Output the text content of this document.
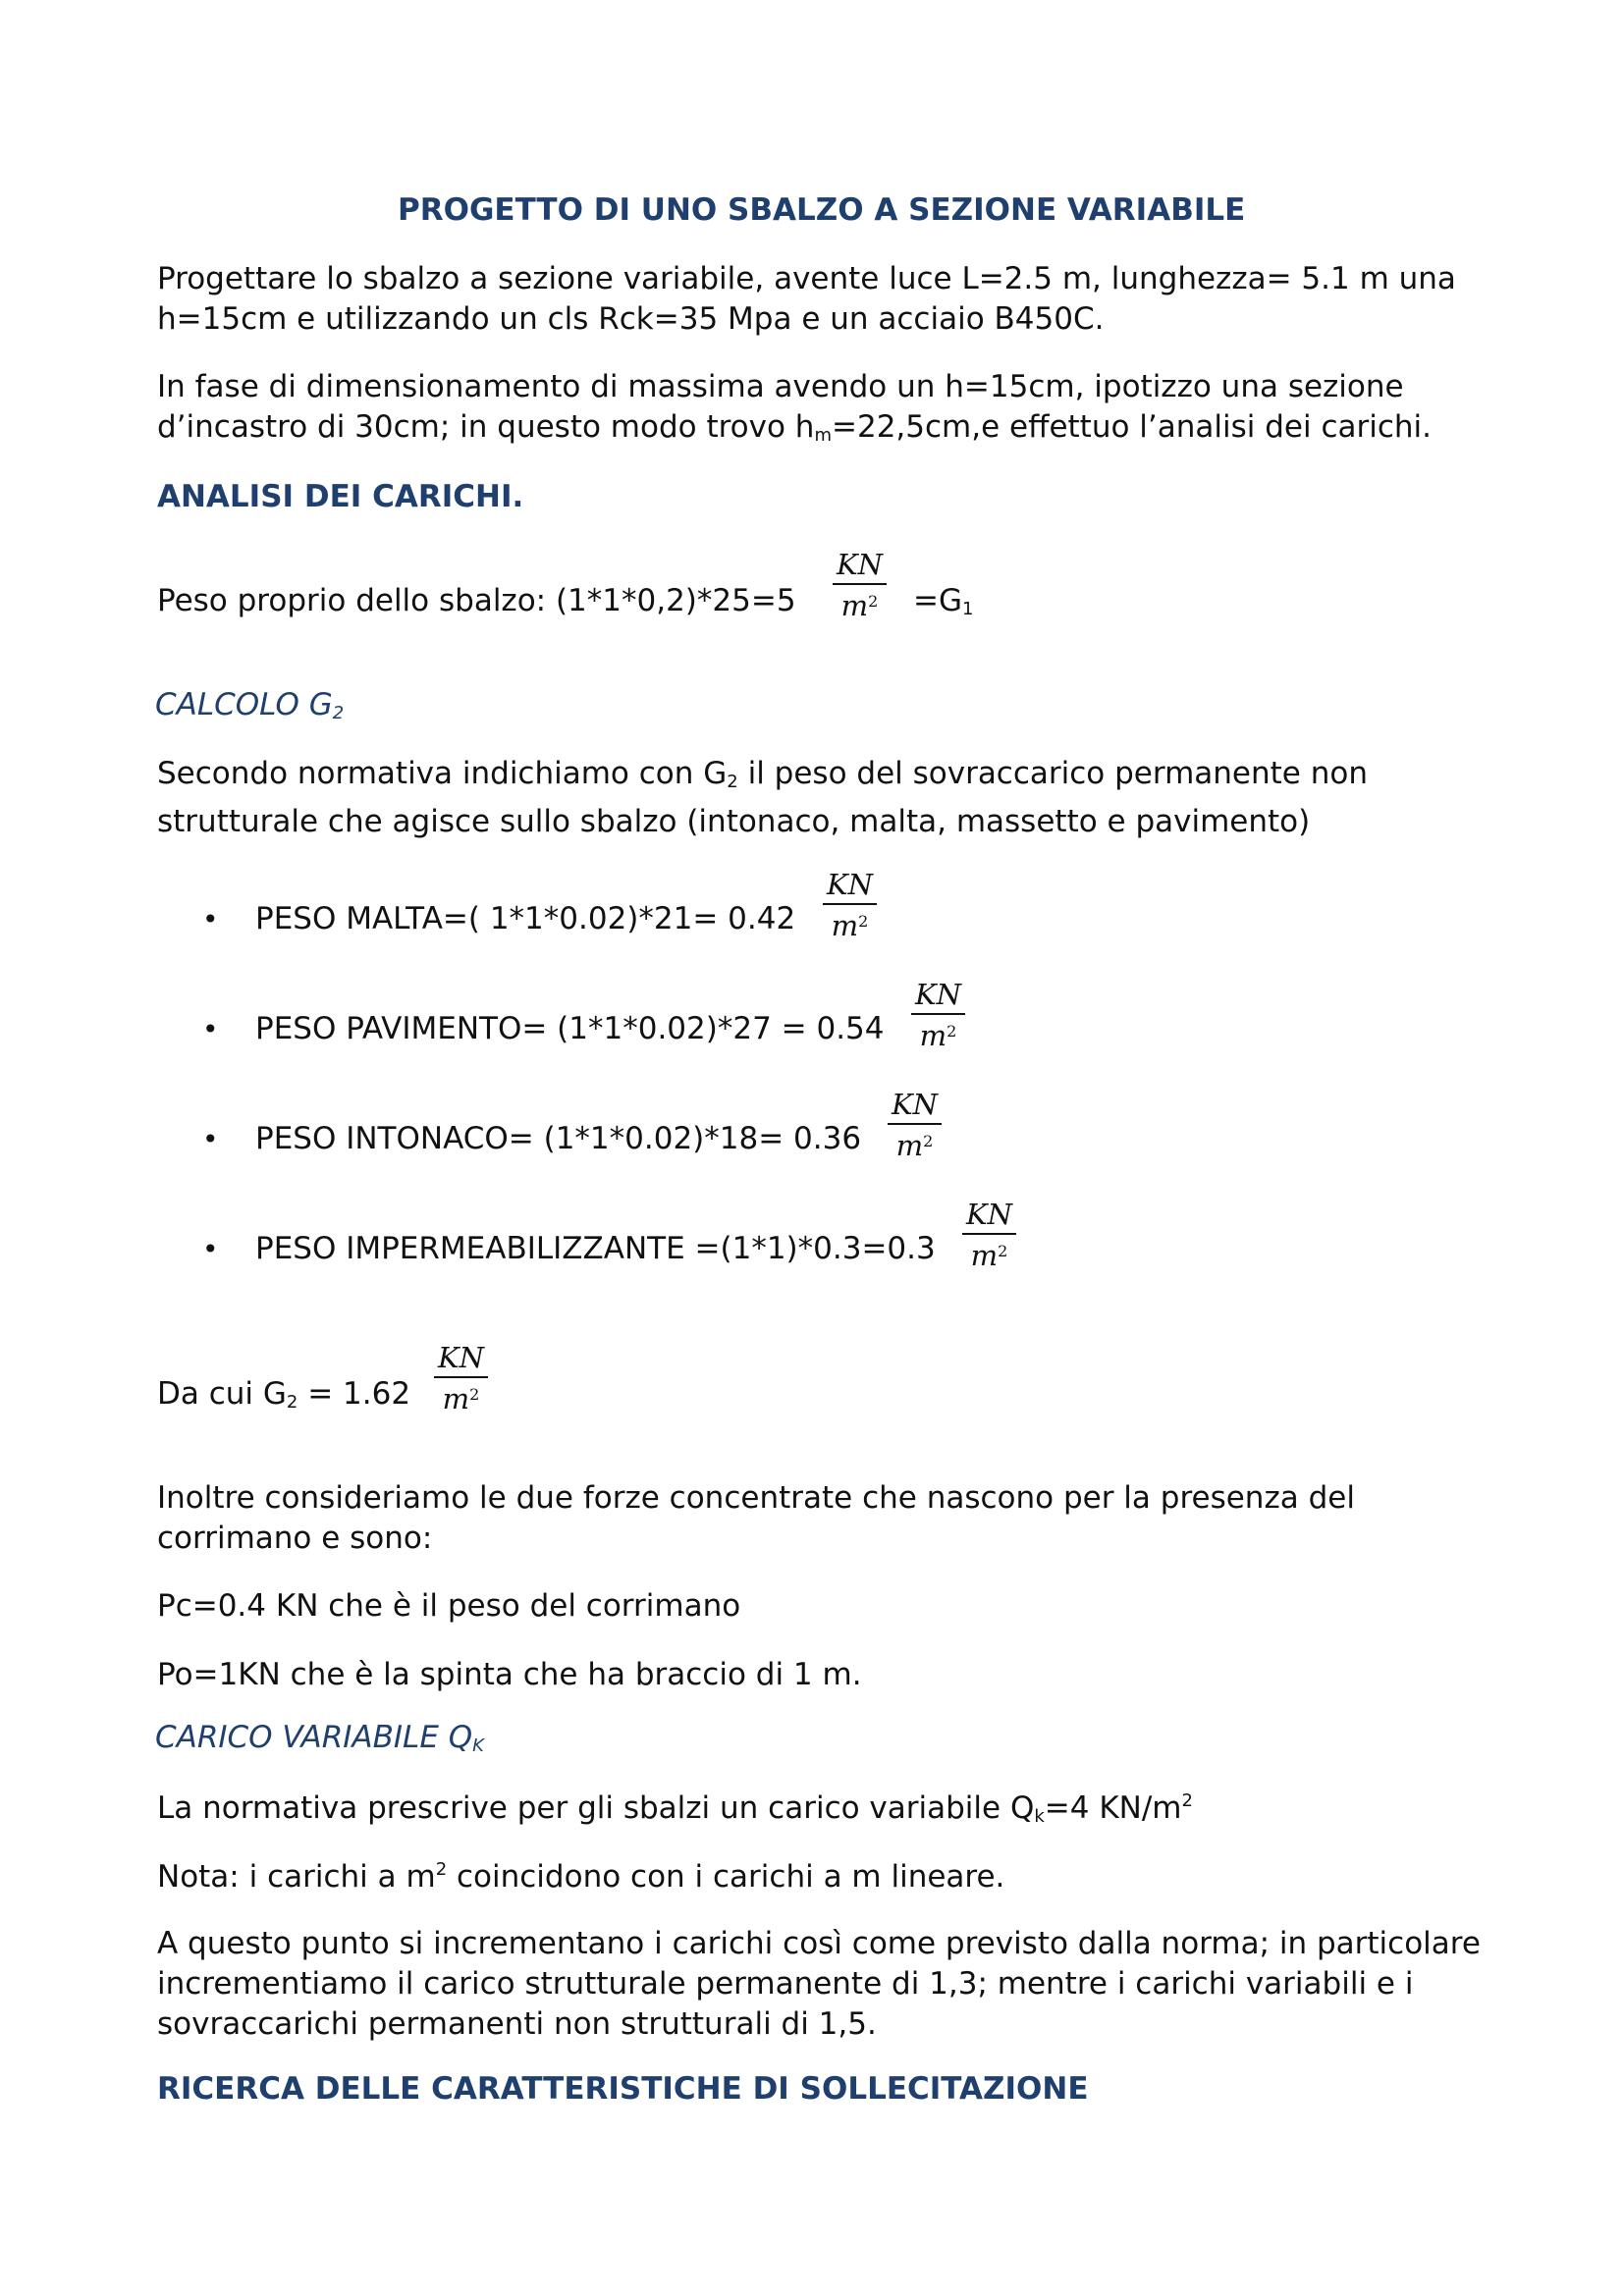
PROGETTO DI UNO SBALZO A SEZIONE VARIABILE
Progettare lo sbalzo a sezione variabile, avente luce L=2.5 m, lunghezza= 5.1 m una
h=15cm e utilizzando un cls Rck=35 Mpa e un acciaio B450C.
In fase di dimensionamento di massima avendo un h=15cm, ipotizzo una sezione
d’incastro di 30cm; in questo modo trovo $h_m=22,5cm,e$ effettuo l’analisi dei carichi.
ANALISI DEI CARICHI.
Peso proprio dello sbalzo: (1*1*0,2)*25=5
KN
$m^2 =G_1$
CALCOLO $G_2$
Secondo normativa indichiamo con $G_2$ il peso del sovraccarico permanente non
strutturale che agisce sullo sbalzo (intonaco, malta, massetto e pavimento)
• PESO MALTA=( 1*1*0.02)*21= 0.42
KN
$m^2$
• PESO PAVIMENTO= (1*1*0.02)*27 = 0.54
KN
$m^2$
• PESO INTONACO= (1*1*0.02)*18= 0.36
KN
$m^2$
• PESO IMPERMEABILIZZANTE =(1*1)*0.3=0.3
KN
$m^2$
Da cui $G_2 = 1.62$
KN
$m^2$
Inoltre consideriamo le due forze concentrate che nascono per la presenza del
corrimano e sono:
Pc=0.4 KN che è il peso del corrimano
Po=1KN che è la spinta che ha braccio di 1 m.
CARICO VARIABILE $Q_K$
La normativa prescrive per gli sbalzi un carico variabile $Q_k=4$ $KN/m^2$
Nota: i carichi a $m^2$ coincidono con i carichi a m lineare.
A questo punto si incrementano i carichi così come previsto dalla norma; in particolare
incrementiamo il carico strutturale permanente di 1,3; mentre i carichi variabili e i
sovraccarichi permanenti non strutturali di 1,5.
RICERCA DELLE CARATTERISTICHE DI SOLLECITAZIONE
